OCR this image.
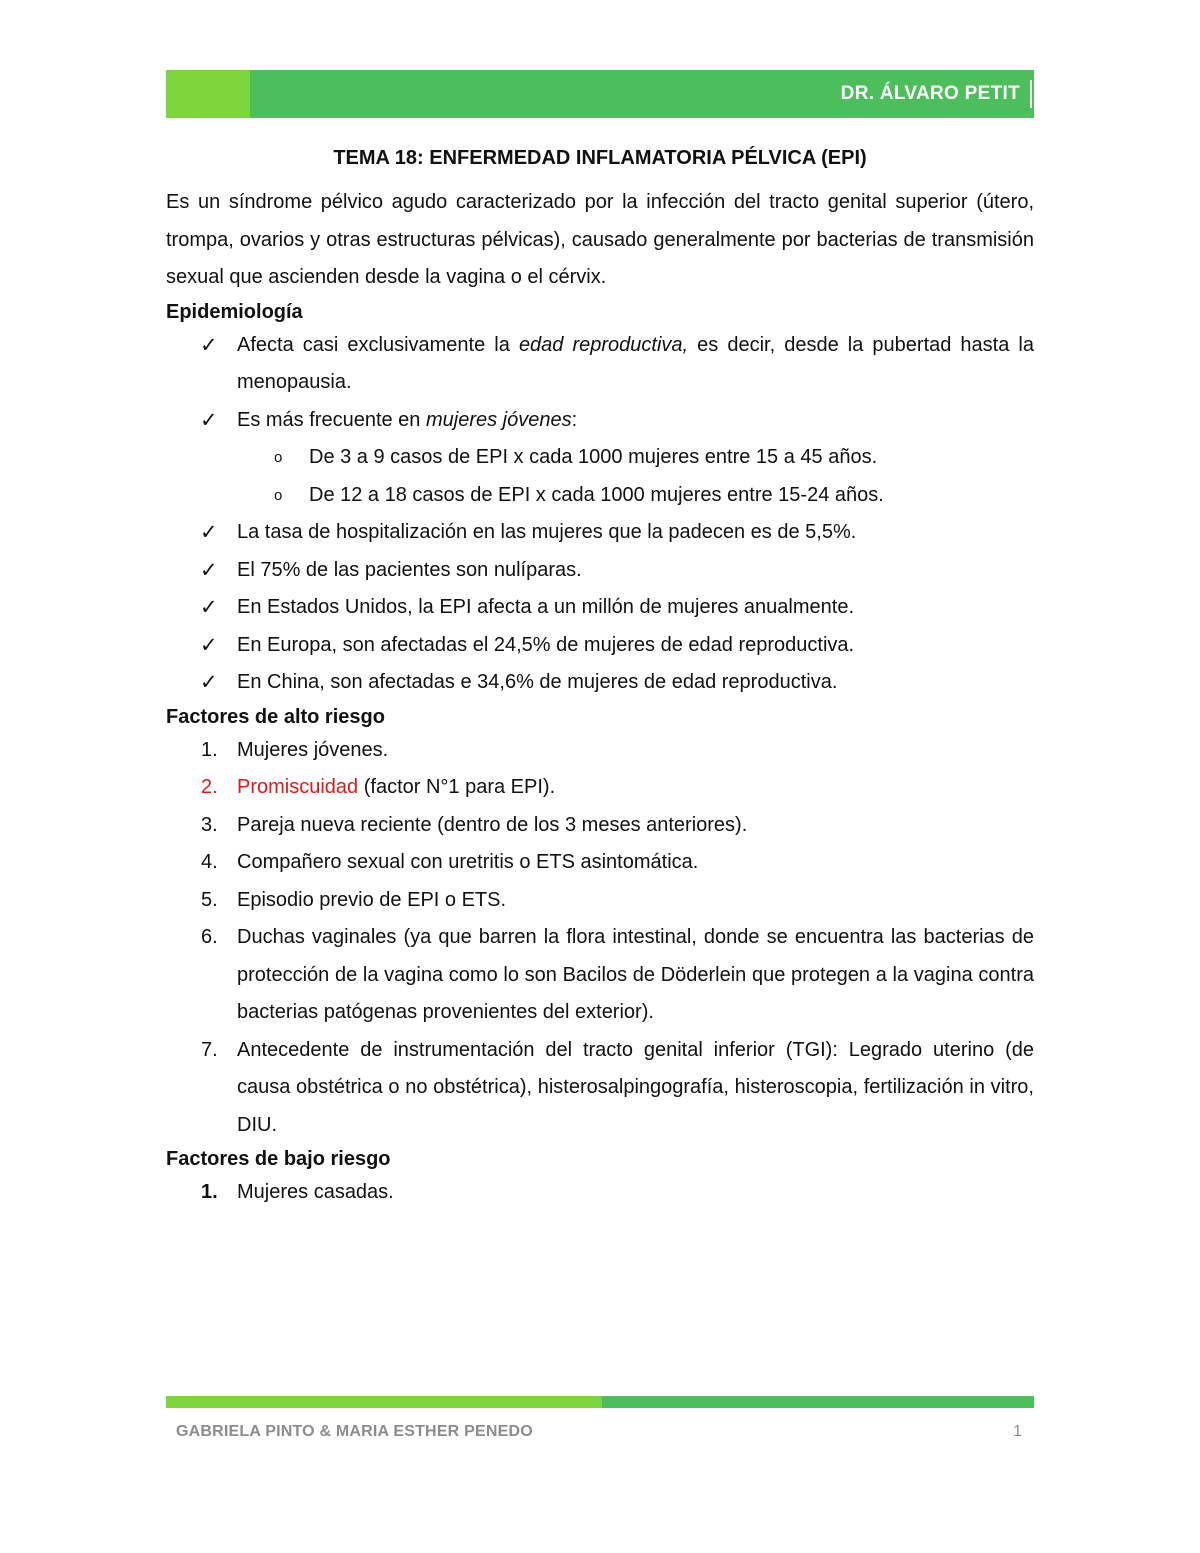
DR. ÁLVARO PETIT
TEMA 18: ENFERMEDAD INFLAMATORIA PÉLVICA (EPI)

Es un síndrome pélvico agudo caracterizado por la infección del tracto genital superior (útero, trompa, ovarios y otras estructuras pélvicas), causado generalmente por bacterias de transmisión sexual que ascienden desde la vagina o el cérvix.

Epidemiología
✓ Afecta casi exclusivamente la edad reproductiva, es decir, desde la pubertad hasta la menopausia.
✓ Es más frecuente en mujeres jóvenes:
o De 3 a 9 casos de EPI x cada 1000 mujeres entre 15 a 45 años.
o De 12 a 18 casos de EPI x cada 1000 mujeres entre 15-24 años.
✓ La tasa de hospitalización en las mujeres que la padecen es de 5,5%.
✓ El 75% de las pacientes son nulíparas.
✓ En Estados Unidos, la EPI afecta a un millón de mujeres anualmente.
✓ En Europa, son afectadas el 24,5% de mujeres de edad reproductiva.
✓ En China, son afectadas e 34,6% de mujeres de edad reproductiva.
Factores de alto riesgo
1. Mujeres jóvenes.
2. Promiscuidad (factor N°1 para EPI).
3. Pareja nueva reciente (dentro de los 3 meses anteriores).
4. Compañero sexual con uretritis o ETS asintomática.
5. Episodio previo de EPI o ETS.
6. Duchas vaginales (ya que barren la flora intestinal, donde se encuentra las bacterias de protección de la vagina como lo son Bacilos de Döderlein que protegen a la vagina contra bacterias patógenas provenientes del exterior).
7. Antecedente de instrumentación del tracto genital inferior (TGI): Legrado uterino (de causa obstétrica o no obstétrica), histerosalpingografía, histeroscopia, fertilización in vitro, DIU.
Factores de bajo riesgo
1. Mujeres casadas.
GABRIELA PINTO & MARIA ESTHER PENEDO	1
